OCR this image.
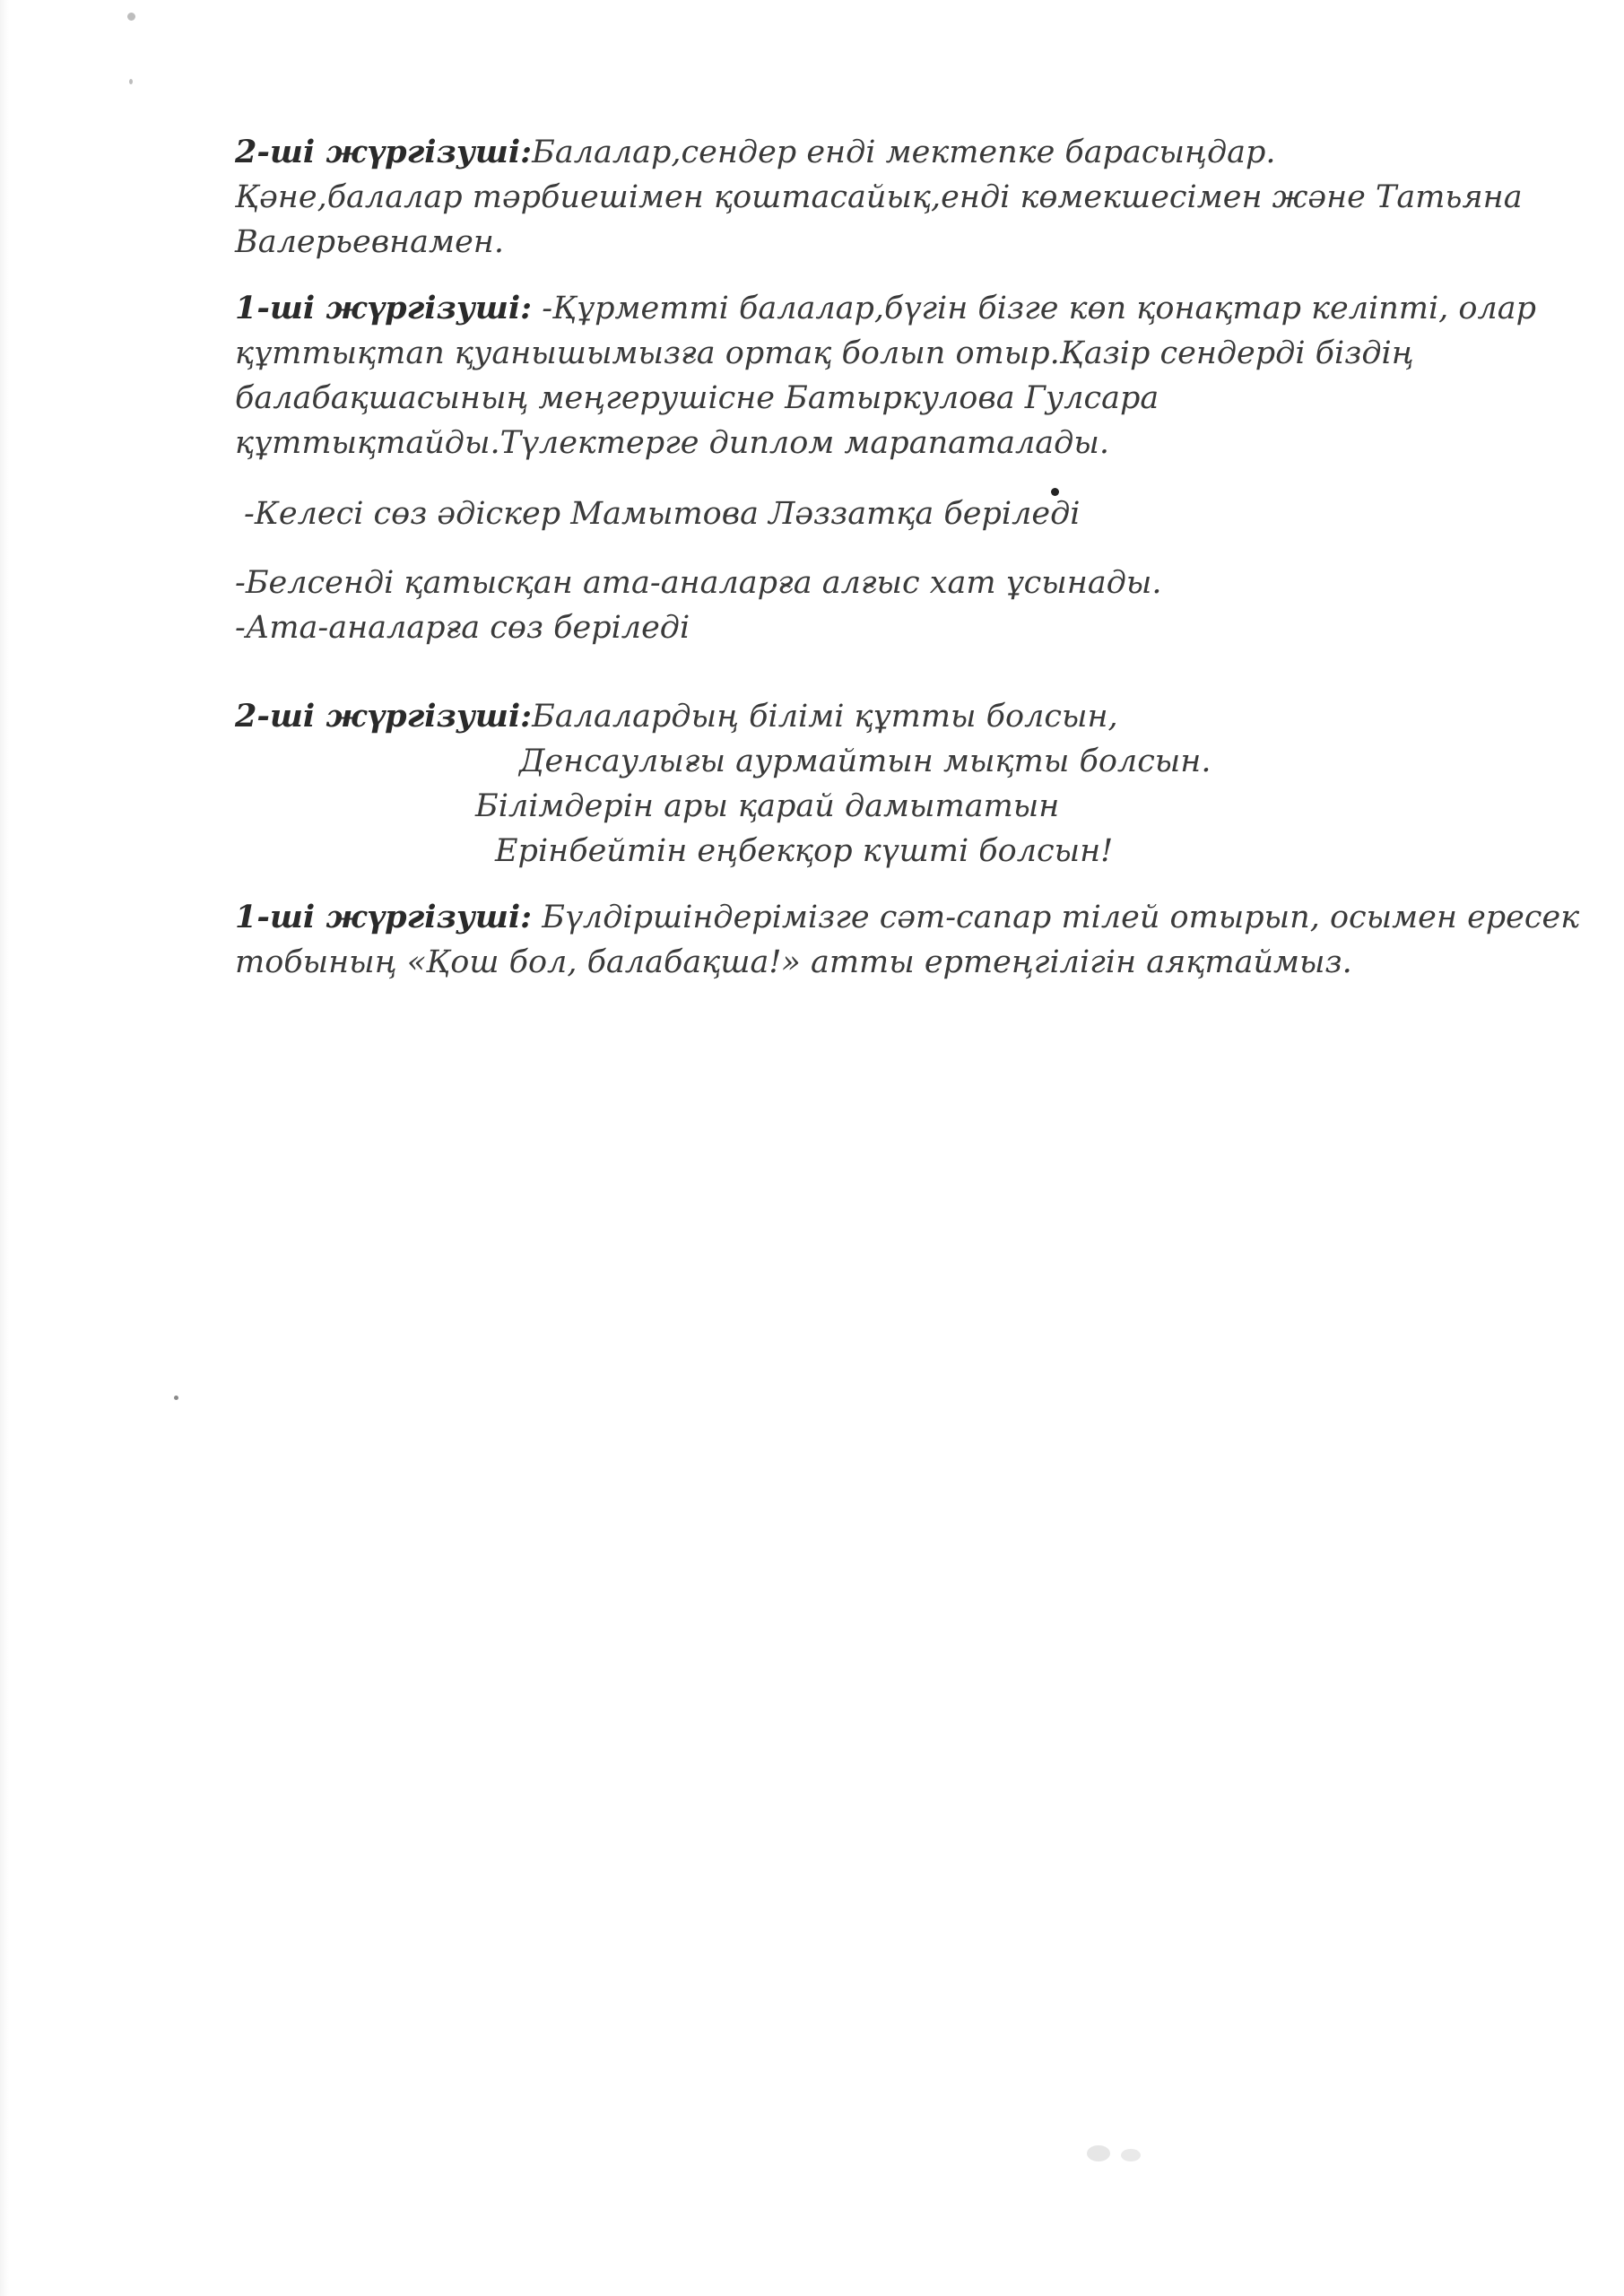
2-ші жүргізуші:Балалар,сендер енді мектепке барасыңдар.
Қәне,балалар тәрбиешімен қоштасайық,енді көмекшесімен және Татьяна
Валерьевнамен.
1-ші жүргізуші: -Құрметті балалар,бүгін бізге көп қонақтар келіпті, олар
құттықтап қуанышымызға ортақ болып отыр.Қазір сендерді біздің
балабақшасының меңгерушісне Батыркулова Гулсара
құттықтайды.Түлектерге диплом марапаталады.
-Келесі сөз әдіскер Мамытова Ләззатқа беріледі
-Белсенді қатысқан ата-аналарға алғыс хат ұсынады.
-Ата-аналарға сөз беріледі
2-ші жүргізуші:Балалардың білімі құтты болсын,
Денсаулығы аурмайтын мықты болсын.
Білімдерін ары қарай дамытатын
Ерінбейтін еңбекқор күшті болсын!
1-ші жүргізуші: Бүлдіршіндерімізге сәт-сапар тілей отырып, осымен ересек
тобының «Қош бол, балабақша!» атты ертеңгілігін аяқтаймыз.
